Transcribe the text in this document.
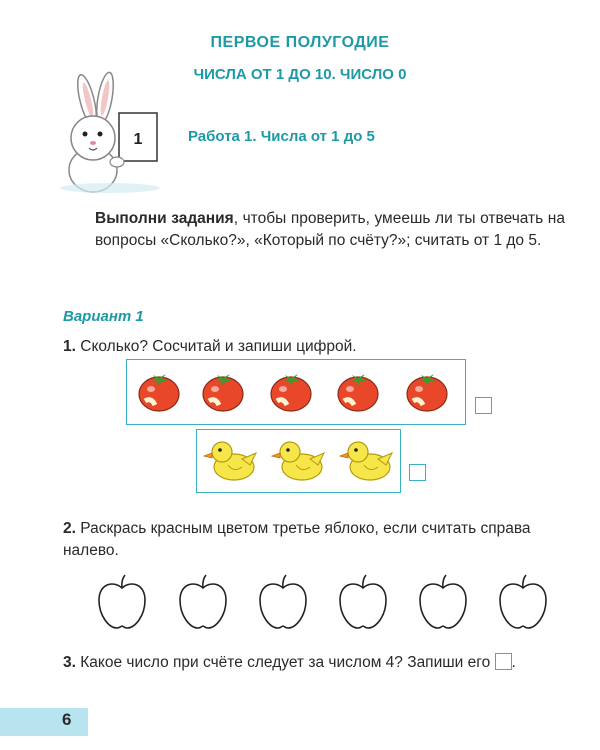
ПЕРВОЕ ПОЛУГОДИЕ
ЧИСЛА ОТ 1 ДО 10. ЧИСЛО 0
1	Работа 1. Числа от 1 до 5
Выполни задания, чтобы проверить, умеешь ли ты отвечать на вопросы «Сколько?», «Который по счёту?»; считать от 1 до 5.
Вариант 1
1. Сколько? Сосчитай и запиши цифрой.
2. Раскрась красным цветом третье яблоко, если считать справа налево.
3. Какое число при счёте следует за числом 4? Запиши его .
6
